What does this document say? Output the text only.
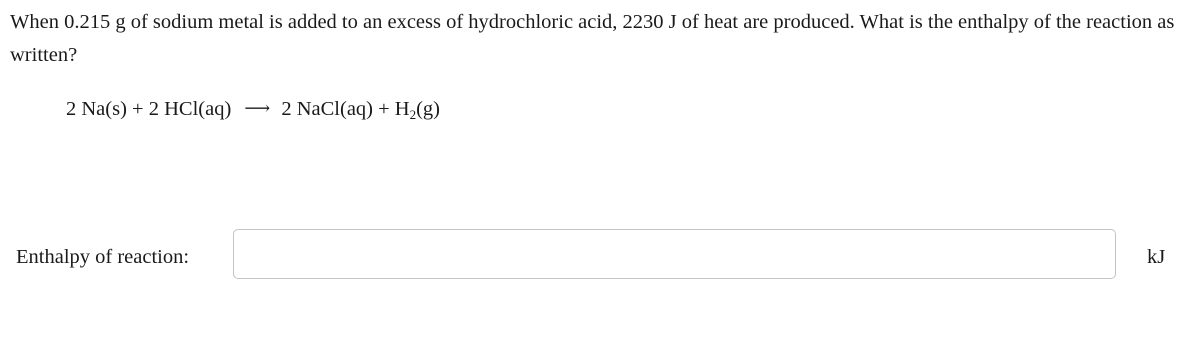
When 0.215 g of sodium metal is added to an excess of hydrochloric acid, 2230 J of heat are produced. What is the enthalpy of the reaction as written?
2 Na(s) + 2 HCl(aq) ⟶ 2 NaCl(aq) + $H_2(g)$
Enthalpy of reaction:	kJ
